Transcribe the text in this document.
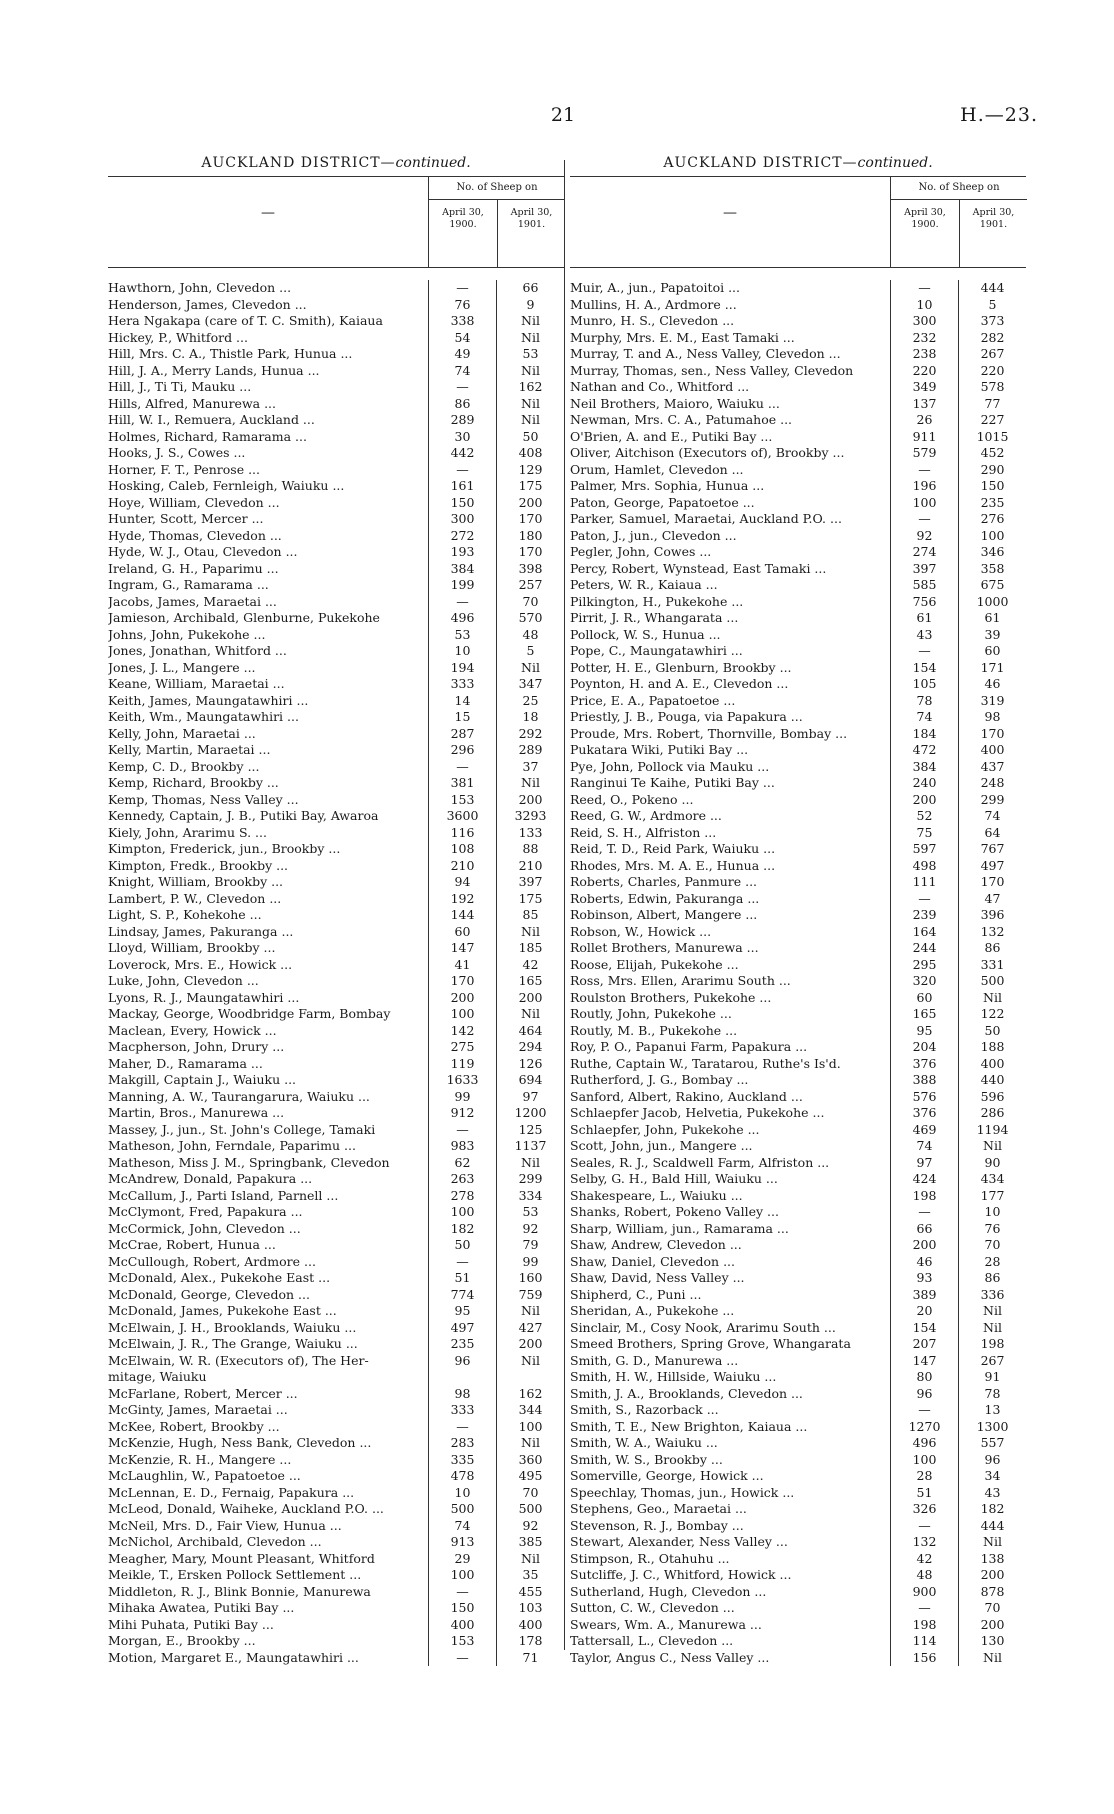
21	H.—23.
AUCKLAND DISTRICT—continued.
—
No. of Sheep on
April 30, 1900.
April 30, 1901.
Hawthorn, John, Clevedon ...	—	66
Henderson, James, Clevedon ...	76	9
Hera Ngakapa (care of T. C. Smith), Kaiaua	338	Nil
Hickey, P., Whitford ...	54	Nil
Hill, Mrs. C. A., Thistle Park, Hunua ...	49	53
Hill, J. A., Merry Lands, Hunua ...	74	Nil
Hill, J., Ti Ti, Mauku ...	—	162
Hills, Alfred, Manurewa ...	86	Nil
Hill, W. I., Remuera, Auckland ...	289	Nil
Holmes, Richard, Ramarama ...	30	50
Hooks, J. S., Cowes ...	442	408
Horner, F. T., Penrose ...	—	129
Hosking, Caleb, Fernleigh, Waiuku ...	161	175
Hoye, William, Clevedon ...	150	200
Hunter, Scott, Mercer ...	300	170
Hyde, Thomas, Clevedon ...	272	180
Hyde, W. J., Otau, Clevedon ...	193	170
Ireland, G. H., Paparimu ...	384	398
Ingram, G., Ramarama ...	199	257
Jacobs, James, Maraetai ...	—	70
Jamieson, Archibald, Glenburne, Pukekohe	496	570
Johns, John, Pukekohe ...	53	48
Jones, Jonathan, Whitford ...	10	5
Jones, J. L., Mangere ...	194	Nil
Keane, William, Maraetai ...	333	347
Keith, James, Maungatawhiri ...	14	25
Keith, Wm., Maungatawhiri ...	15	18
Kelly, John, Maraetai ...	287	292
Kelly, Martin, Maraetai ...	296	289
Kemp, C. D., Brookby ...	—	37
Kemp, Richard, Brookby ...	381	Nil
Kemp, Thomas, Ness Valley ...	153	200
Kennedy, Captain, J. B., Putiki Bay, Awaroa	3600	3293
Kiely, John, Ararimu S. ...	116	133
Kimpton, Frederick, jun., Brookby ...	108	88
Kimpton, Fredk., Brookby ...	210	210
Knight, William, Brookby ...	94	397
Lambert, P. W., Clevedon ...	192	175
Light, S. P., Kohekohe ...	144	85
Lindsay, James, Pakuranga ...	60	Nil
Lloyd, William, Brookby ...	147	185
Loverock, Mrs. E., Howick ...	41	42
Luke, John, Clevedon ...	170	165
Lyons, R. J., Maungatawhiri ...	200	200
Mackay, George, Woodbridge Farm, Bombay	100	Nil
Maclean, Every, Howick ...	142	464
Macpherson, John, Drury ...	275	294
Maher, D., Ramarama ...	119	126
Makgill, Captain J., Waiuku ...	1633	694
Manning, A. W., Taurangarura, Waiuku ...	99	97
Martin, Bros., Manurewa ...	912	1200
Massey, J., jun., St. John's College, Tamaki	—	125
Matheson, John, Ferndale, Paparimu ...	983	1137
Matheson, Miss J. M., Springbank, Clevedon	62	Nil
McAndrew, Donald, Papakura ...	263	299
McCallum, J., Parti Island, Parnell ...	278	334
McClymont, Fred, Papakura ...	100	53
McCormick, John, Clevedon ...	182	92
McCrae, Robert, Hunua ...	50	79
McCullough, Robert, Ardmore ...	—	99
McDonald, Alex., Pukekohe East ...	51	160
McDonald, George, Clevedon ...	774	759
McDonald, James, Pukekohe East ...	95	Nil
McElwain, J. H., Brooklands, Waiuku ...	497	427
McElwain, J. R., The Grange, Waiuku ...	235	200
McElwain, W. R. (Executors of), The Her-	96	Nil
mitage, Waiuku
McFarlane, Robert, Mercer ...	98	162
McGinty, James, Maraetai ...	333	344
McKee, Robert, Brookby ...	—	100
McKenzie, Hugh, Ness Bank, Clevedon ...	283	Nil
McKenzie, R. H., Mangere ...	335	360
McLaughlin, W., Papatoetoe ...	478	495
McLennan, E. D., Fernaig, Papakura ...	10	70
McLeod, Donald, Waiheke, Auckland P.O. ...	500	500
McNeil, Mrs. D., Fair View, Hunua ...	74	92
McNichol, Archibald, Clevedon ...	913	385
Meagher, Mary, Mount Pleasant, Whitford	29	Nil
Meikle, T., Ersken Pollock Settlement ...	100	35
Middleton, R. J., Blink Bonnie, Manurewa	—	455
Mihaka Awatea, Putiki Bay ...	150	103
Mihi Puhata, Putiki Bay ...	400	400
Morgan, E., Brookby ...	153	178
Motion, Margaret E., Maungatawhiri ...	—	71
AUCKLAND DISTRICT—continued.
—
No. of Sheep on
April 30, 1900.
April 30, 1901.
Muir, A., jun., Papatoitoi ...	—	444
Mullins, H. A., Ardmore ...	10	5
Munro, H. S., Clevedon ...	300	373
Murphy, Mrs. E. M., East Tamaki ...	232	282
Murray, T. and A., Ness Valley, Clevedon ...	238	267
Murray, Thomas, sen., Ness Valley, Clevedon	220	220
Nathan and Co., Whitford ...	349	578
Neil Brothers, Maioro, Waiuku ...	137	77
Newman, Mrs. C. A., Patumahoe ...	26	227
O'Brien, A. and E., Putiki Bay ...	911	1015
Oliver, Aitchison (Executors of), Brookby ...	579	452
Orum, Hamlet, Clevedon ...	—	290
Palmer, Mrs. Sophia, Hunua ...	196	150
Paton, George, Papatoetoe ...	100	235
Parker, Samuel, Maraetai, Auckland P.O. ...	—	276
Paton, J., jun., Clevedon ...	92	100
Pegler, John, Cowes ...	274	346
Percy, Robert, Wynstead, East Tamaki ...	397	358
Peters, W. R., Kaiaua ...	585	675
Pilkington, H., Pukekohe ...	756	1000
Pirrit, J. R., Whangarata ...	61	61
Pollock, W. S., Hunua ...	43	39
Pope, C., Maungatawhiri ...	—	60
Potter, H. E., Glenburn, Brookby ...	154	171
Poynton, H. and A. E., Clevedon ...	105	46
Price, E. A., Papatoetoe ...	78	319
Priestly, J. B., Pouga, via Papakura ...	74	98
Proude, Mrs. Robert, Thornville, Bombay ...	184	170
Pukatara Wiki, Putiki Bay ...	472	400
Pye, John, Pollock via Mauku ...	384	437
Ranginui Te Kaihe, Putiki Bay ...	240	248
Reed, O., Pokeno ...	200	299
Reed, G. W., Ardmore ...	52	74
Reid, S. H., Alfriston ...	75	64
Reid, T. D., Reid Park, Waiuku ...	597	767
Rhodes, Mrs. M. A. E., Hunua ...	498	497
Roberts, Charles, Panmure ...	111	170
Roberts, Edwin, Pakuranga ...	—	47
Robinson, Albert, Mangere ...	239	396
Robson, W., Howick ...	164	132
Rollet Brothers, Manurewa ...	244	86
Roose, Elijah, Pukekohe ...	295	331
Ross, Mrs. Ellen, Ararimu South ...	320	500
Roulston Brothers, Pukekohe ...	60	Nil
Routly, John, Pukekohe ...	165	122
Routly, M. B., Pukekohe ...	95	50
Roy, P. O., Papanui Farm, Papakura ...	204	188
Ruthe, Captain W., Taratarou, Ruthe's Is'd.	376	400
Rutherford, J. G., Bombay ...	388	440
Sanford, Albert, Rakino, Auckland ...	576	596
Schlaepfer Jacob, Helvetia, Pukekohe ...	376	286
Schlaepfer, John, Pukekohe ...	469	1194
Scott, John, jun., Mangere ...	74	Nil
Seales, R. J., Scaldwell Farm, Alfriston ...	97	90
Selby, G. H., Bald Hill, Waiuku ...	424	434
Shakespeare, L., Waiuku ...	198	177
Shanks, Robert, Pokeno Valley ...	—	10
Sharp, William, jun., Ramarama ...	66	76
Shaw, Andrew, Clevedon ...	200	70
Shaw, Daniel, Clevedon ...	46	28
Shaw, David, Ness Valley ...	93	86
Shipherd, C., Puni ...	389	336
Sheridan, A., Pukekohe ...	20	Nil
Sinclair, M., Cosy Nook, Ararimu South ...	154	Nil
Smeed Brothers, Spring Grove, Whangarata	207	198
Smith, G. D., Manurewa ...	147	267
Smith, H. W., Hillside, Waiuku ...	80	91
Smith, J. A., Brooklands, Clevedon ...	96	78
Smith, S., Razorback ...	—	13
Smith, T. E., New Brighton, Kaiaua ...	1270	1300
Smith, W. A., Waiuku ...	496	557
Smith, W. S., Brookby ...	100	96
Somerville, George, Howick ...	28	34
Speechlay, Thomas, jun., Howick ...	51	43
Stephens, Geo., Maraetai ...	326	182
Stevenson, R. J., Bombay ...	—	444
Stewart, Alexander, Ness Valley ...	132	Nil
Stimpson, R., Otahuhu ...	42	138
Sutcliffe, J. C., Whitford, Howick ...	48	200
Sutherland, Hugh, Clevedon ...	900	878
Sutton, C. W., Clevedon ...	—	70
Swears, Wm. A., Manurewa ...	198	200
Tattersall, L., Clevedon ...	114	130
Taylor, Angus C., Ness Valley ...	156	Nil
